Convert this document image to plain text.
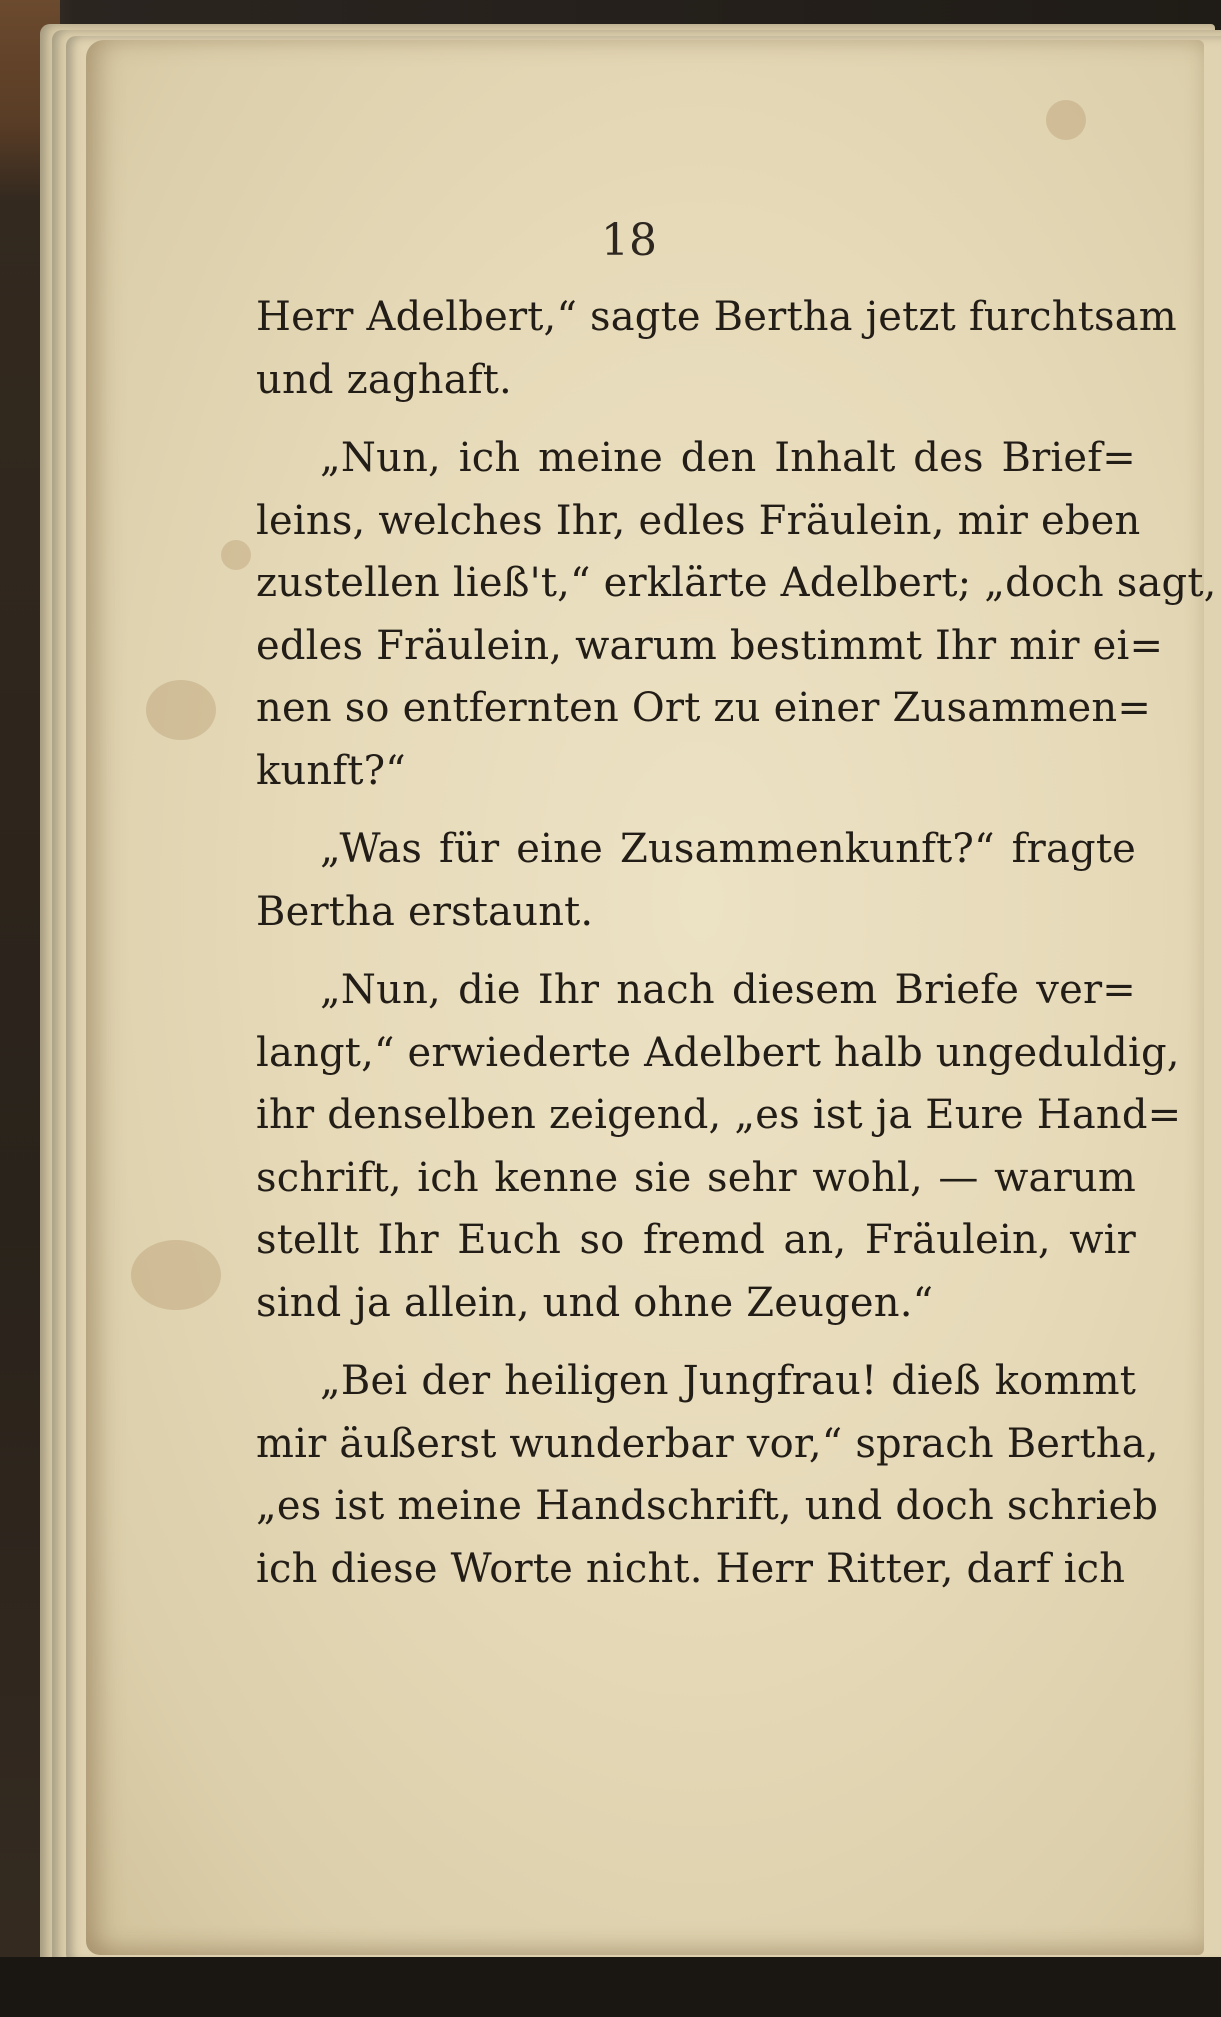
18
Herr Adelbert,“ sagte Bertha jetzt furchtsam
und zaghaft.
„Nun, ich meine den Inhalt des Brief=
leins, welches Ihr, edles Fräulein, mir eben
zustellen ließ't,“ erklärte Adelbert; „doch sagt,
edles Fräulein, warum bestimmt Ihr mir ei=
nen so entfernten Ort zu einer Zusammen=
kunft?“
„Was für eine Zusammenkunft?“ fragte
Bertha erstaunt.
„Nun, die Ihr nach diesem Briefe ver=
langt,“ erwiederte Adelbert halb ungeduldig,
ihr denselben zeigend, „es ist ja Eure Hand=
schrift, ich kenne sie sehr wohl, — warum
stellt Ihr Euch so fremd an, Fräulein, wir
sind ja allein, und ohne Zeugen.“
„Bei der heiligen Jungfrau! dieß kommt
mir äußerst wunderbar vor,“ sprach Bertha,
„es ist meine Handschrift, und doch schrieb
ich diese Worte nicht. Herr Ritter, darf ich
